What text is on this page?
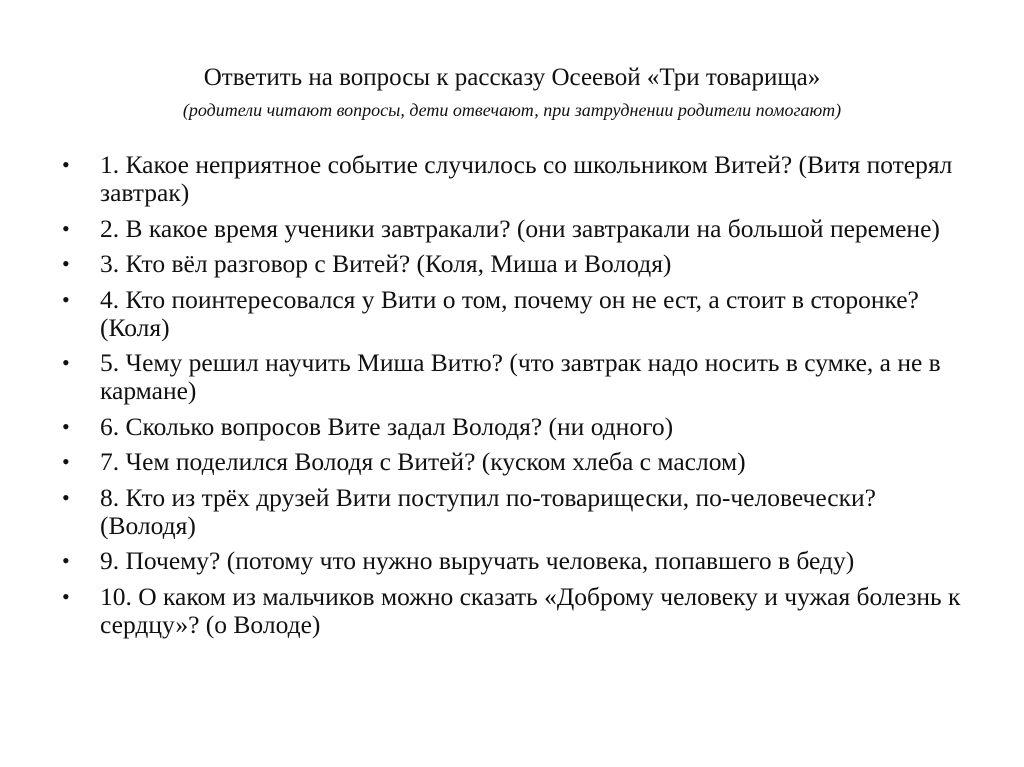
Ответить на вопросы к рассказу Осеевой «Три товарища»

(родители читают вопросы, дети отвечают, при затруднении родители помогают)

• 1. Какое неприятное событие случилось со школьником Витей? (Витя потерял завтрак)
• 2. В какое время ученики завтракали? (они завтракали на большой перемене)
• 3. Кто вёл разговор с Витей? (Коля, Миша и Володя)
• 4. Кто поинтересовался у Вити о том, почему он не ест, а стоит в сторонке? (Коля)
• 5. Чему решил научить Миша Витю? (что завтрак надо носить в сумке, а не в кармане)
• 6. Сколько вопросов Вите задал Володя? (ни одного)
• 7. Чем поделился Володя с Витей? (куском хлеба с маслом)
• 8. Кто из трёх друзей Вити поступил по-товарищески, по-человечески? (Володя)
• 9. Почему? (потому что нужно выручать человека, попавшего в беду)
• 10. О каком из мальчиков можно сказать «Доброму человеку и чужая болезнь к сердцу»? (о Володе)
